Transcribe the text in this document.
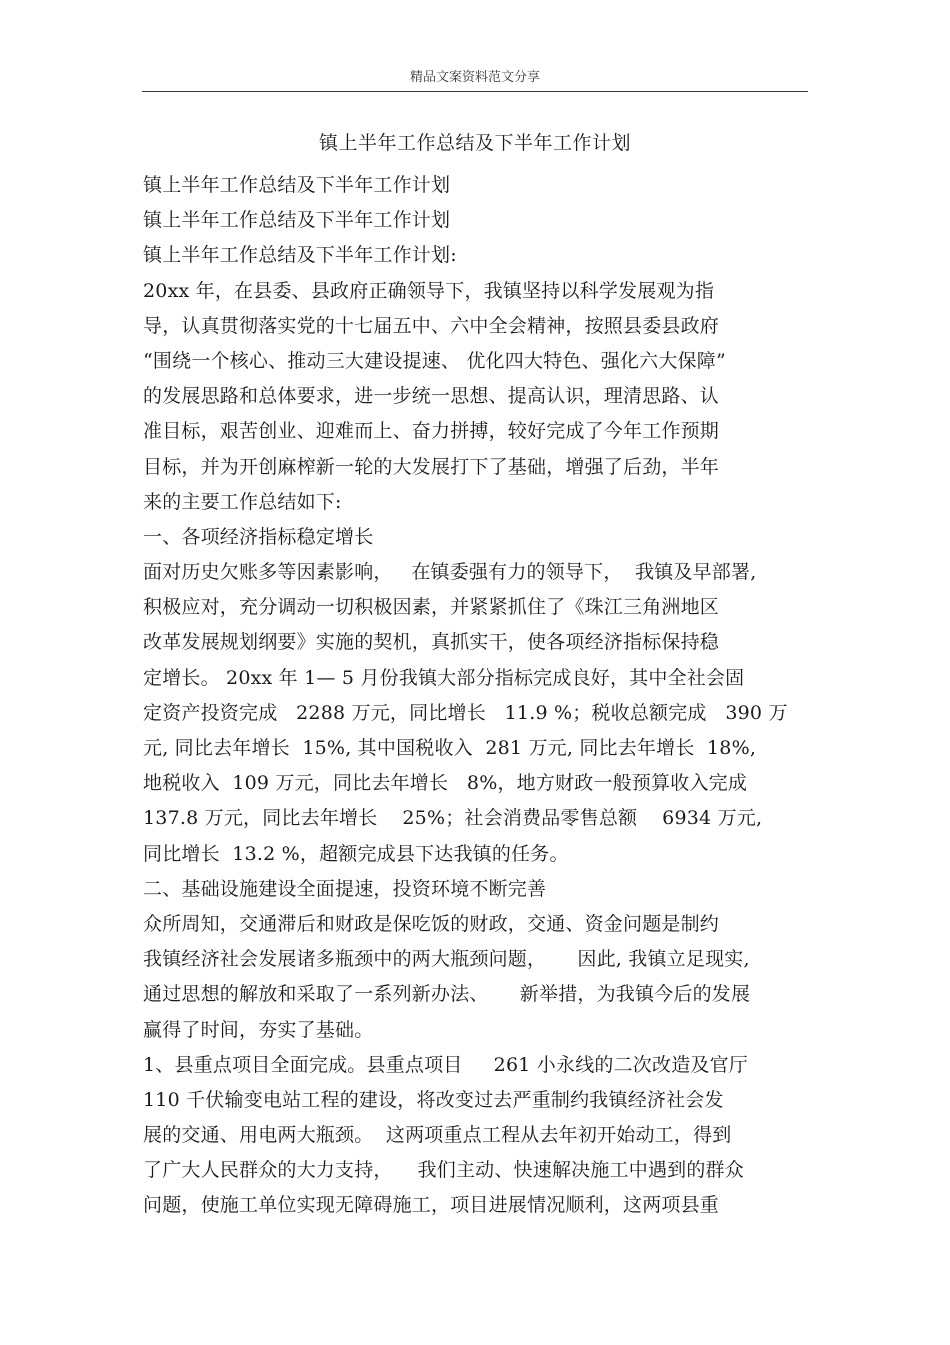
精品文案资料范文分享
镇上半年工作总结及下半年工作计划
镇上半年工作总结及下半年工作计划
镇上半年工作总结及下半年工作计划
镇上半年工作总结及下半年工作计划:
20xx 年，在县委、县政府正确领导下，我镇坚持以科学发展观为指
导，认真贯彻落实党的十七届五中、六中全会精神，按照县委县政府
“围绕一个核心、推动三大建设提速、 优化四大特色、强化六大保障”
的发展思路和总体要求，进一步统一思想、提高认识，理清思路、认
准目标，艰苦创业、迎难而上、奋力拼搏，较好完成了今年工作预期
目标，并为开创麻榨新一轮的大发展打下了基础，增强了后劲，半年
来的主要工作总结如下:
一、各项经济指标稳定增长
面对历史欠账多等因素影响，   在镇委强有力的领导下，  我镇及早部署,
积极应对，充分调动一切积极因素，并紧紧抓住了《珠江三角洲地区
改革发展规划纲要》实施的契机，真抓实干，使各项经济指标保持稳
定增长。 20xx 年 1— 5 月份我镇大部分指标完成良好，其中全社会固
定资产投资完成   2288 万元，同比增长   11.9 %；税收总额完成   390 万
元, 同比去年增长  15%, 其中国税收入  281 万元, 同比去年增长  18%,
地税收入  109 万元，同比去年增长   8%，地方财政一般预算收入完成
137.8 万元，同比去年增长    25%；社会消费品零售总额    6934 万元,
同比增长  13.2 %，超额完成县下达我镇的任务。
二、基础设施建设全面提速，投资环境不断完善
众所周知，交通滞后和财政是保吃饭的财政，交通、资金问题是制约
我镇经济社会发展诸多瓶颈中的两大瓶颈问题，     因此, 我镇立足现实,
通过思想的解放和采取了一系列新办法、     新举措，为我镇今后的发展
赢得了时间，夯实了基础。
1、县重点项目全面完成。县重点项目     261 小永线的二次改造及官厅
110 千伏输变电站工程的建设，将改变过去严重制约我镇经济社会发
展的交通、用电两大瓶颈。  这两项重点工程从去年初开始动工，得到
了广大人民群众的大力支持，    我们主动、快速解决施工中遇到的群众
问题，使施工单位实现无障碍施工，项目进展情况顺利，这两项县重
